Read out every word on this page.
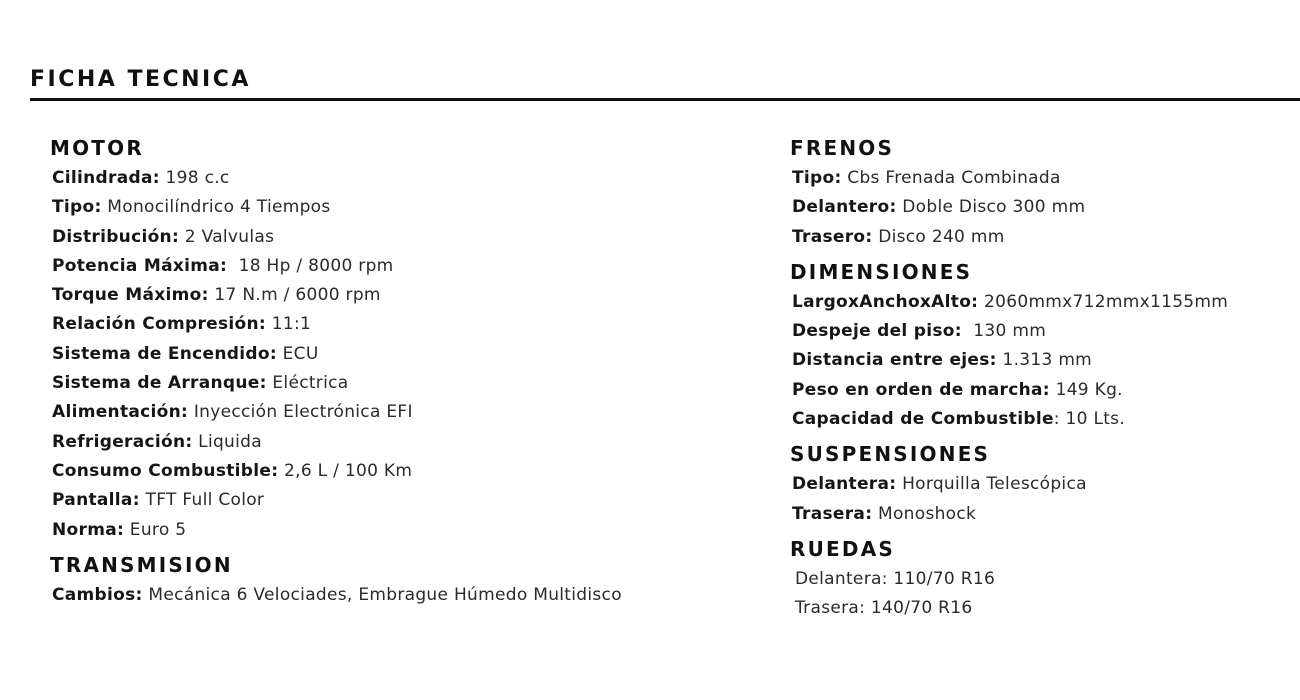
FICHA TECNICA
MOTOR
Cilindrada: 198 c.c
Tipo: Monocilíndrico 4 Tiempos
Distribución: 2 Valvulas
Potencia Máxima:  18 Hp / 8000 rpm
Torque Máximo: 17 N.m / 6000 rpm
Relación Compresión: 11:1
Sistema de Encendido: ECU
Sistema de Arranque: Eléctrica
Alimentación: Inyección Electrónica EFI
Refrigeración: Liquida
Consumo Combustible: 2,6 L / 100 Km
Pantalla: TFT Full Color
Norma: Euro 5
TRANSMISION
Cambios: Mecánica 6 Velociades, Embrague Húmedo Multidisco
FRENOS
Tipo: Cbs Frenada Combinada
Delantero: Doble Disco 300 mm
Trasero: Disco 240 mm
DIMENSIONES
LargoxAnchoxAlto: 2060mmx712mmx1155mm
Despeje del piso:  130 mm
Distancia entre ejes: 1.313 mm
Peso en orden de marcha: 149 Kg.
Capacidad de Combustible: 10 Lts.
SUSPENSIONES
Delantera: Horquilla Telescópica
Trasera: Monoshock
RUEDAS
Delantera: 110/70 R16
Trasera: 140/70 R16
